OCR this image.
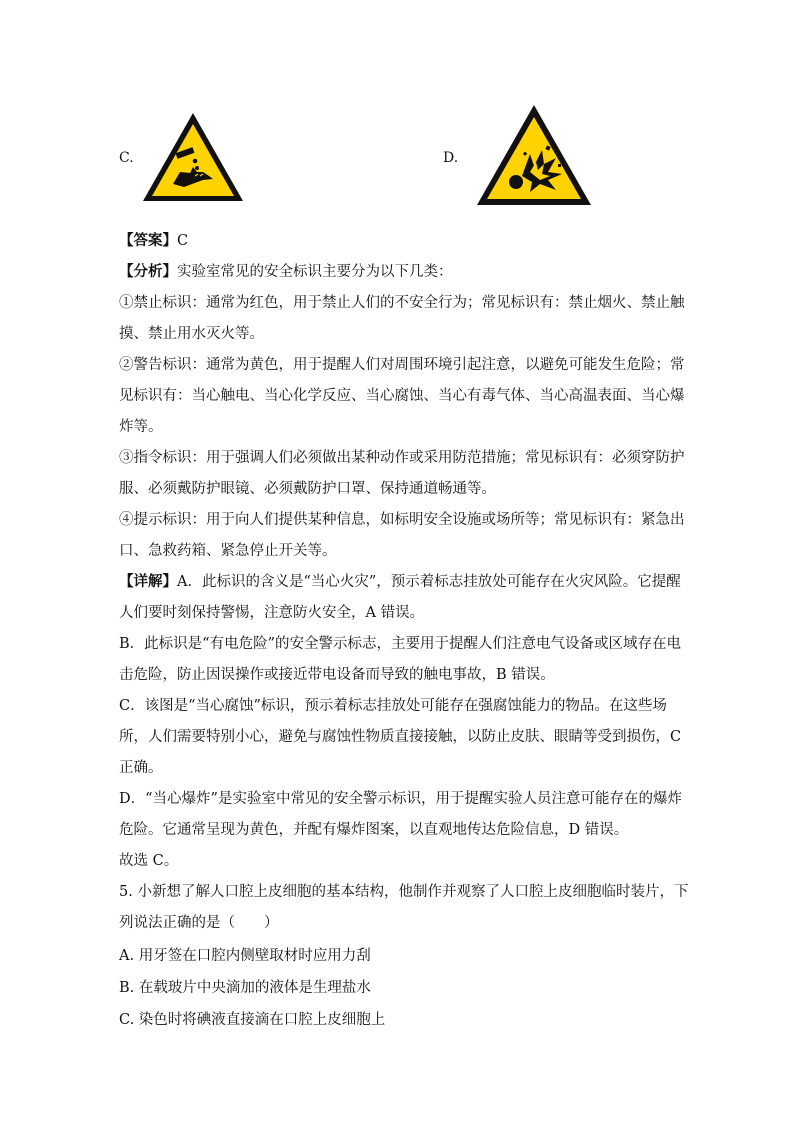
C.	D.
【答案】C
【分析】实验室常见的安全标识主要分为以下几类：
①禁止标识：通常为红色，用于禁止人们的不安全行为；常见标识有：禁止烟火、禁止触
摸、禁止用水灭火等。
②警告标识：通常为黄色，用于提醒人们对周围环境引起注意，以避免可能发生危险；常
见标识有：当心触电、当心化学反应、当心腐蚀、当心有毒气体、当心高温表面、当心爆
炸等。
③指令标识：用于强调人们必须做出某种动作或采用防范措施；常见标识有：必须穿防护
服、必须戴防护眼镜、必须戴防护口罩、保持通道畅通等。
④提示标识：用于向人们提供某种信息，如标明安全设施或场所等；常见标识有：紧急出
口、急救药箱、紧急停止开关等。
【详解】A．此标识的含义是“当心火灾”，预示着标志挂放处可能存在火灾风险。它提醒
人们要时刻保持警惕，注意防火安全，A 错误。
B．此标识是“有电危险”的安全警示标志，主要用于提醒人们注意电气设备或区域存在电
击危险，防止因误操作或接近带电设备而导致的触电事故，B 错误。
C．该图是“当心腐蚀”标识，预示着标志挂放处可能存在强腐蚀能力的物品。在这些场
所，人们需要特别小心，避免与腐蚀性物质直接接触，以防止皮肤、眼睛等受到损伤，C
正确。
D．“当心爆炸”是实验室中常见的安全警示标识，用于提醒实验人员注意可能存在的爆炸
危险。它通常呈现为黄色，并配有爆炸图案，以直观地传达危险信息，D 错误。
故选 C。
5. 小新想了解人口腔上皮细胞的基本结构，他制作并观察了人口腔上皮细胞临时装片，下
列说法正确的是（　　）
A. 用牙签在口腔内侧壁取材时应用力刮
B. 在载玻片中央滴加的液体是生理盐水
C. 染色时将碘液直接滴在口腔上皮细胞上
